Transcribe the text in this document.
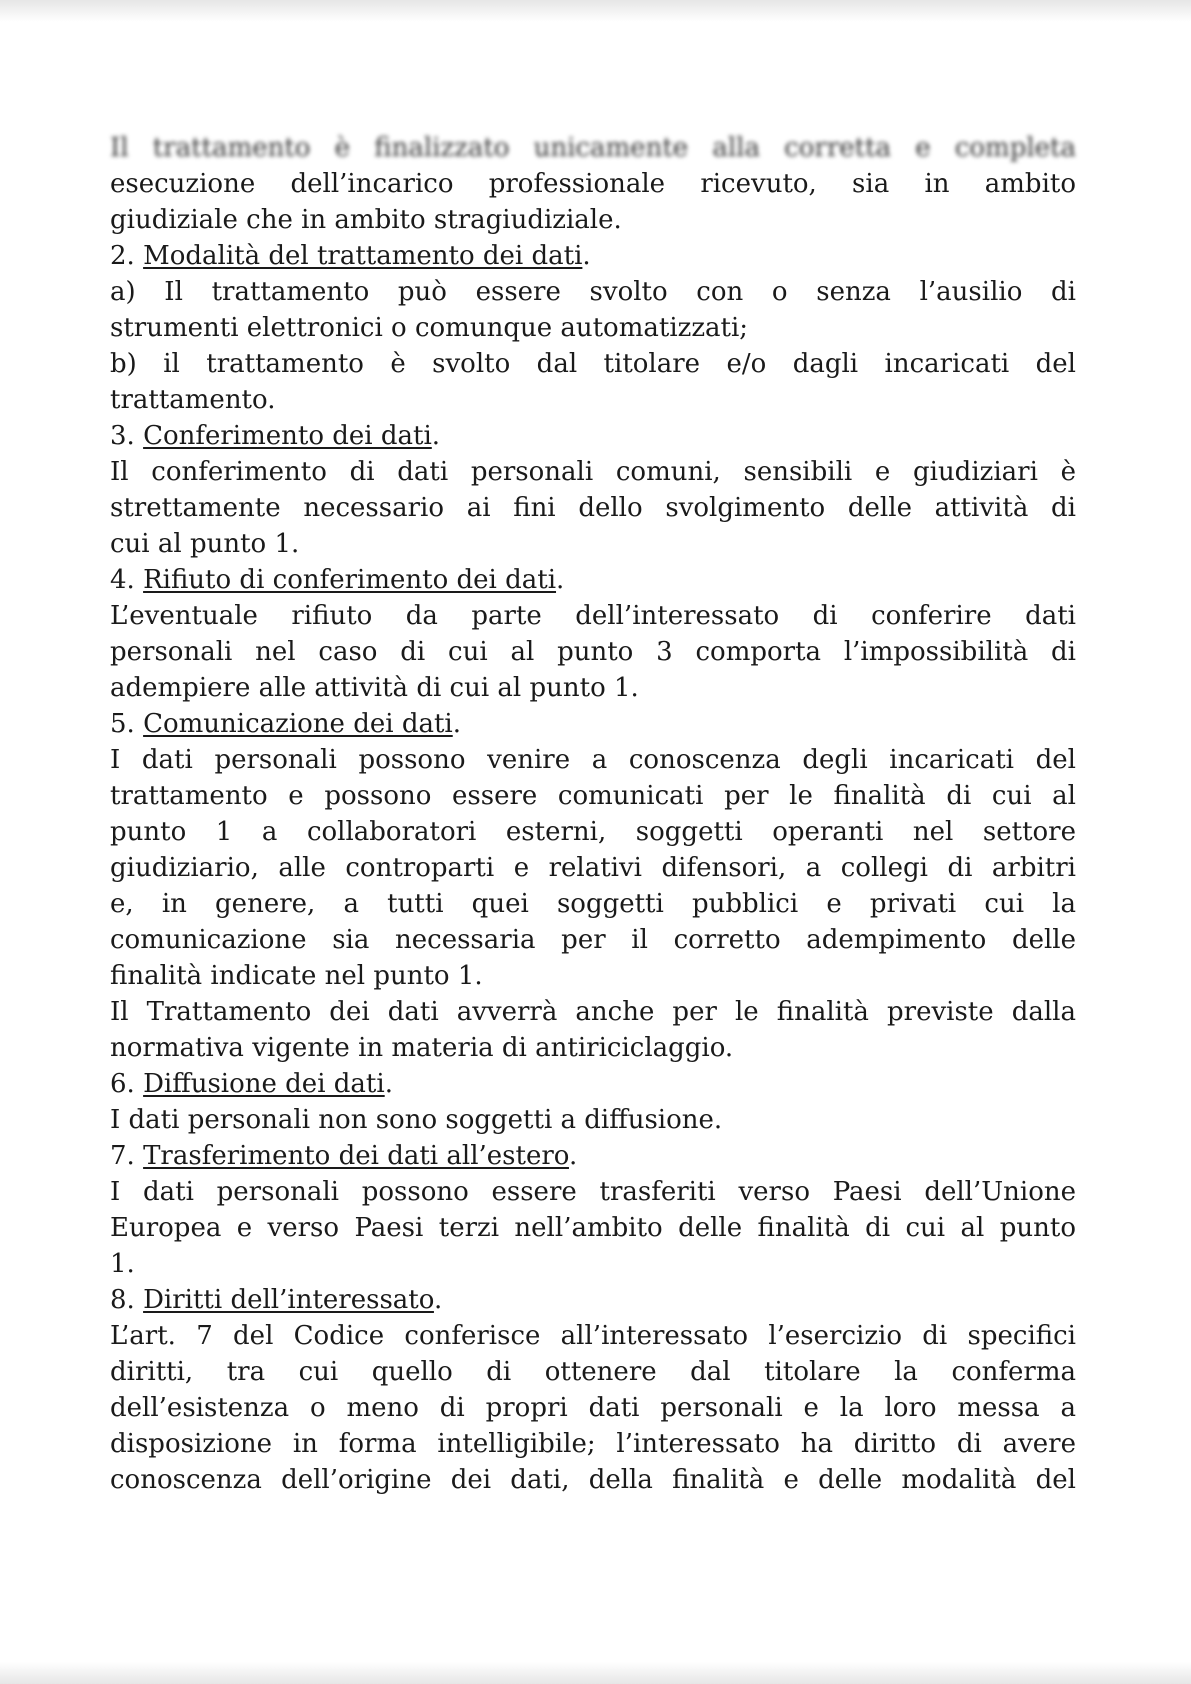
Il trattamento è finalizzato unicamente alla corretta e completa
esecuzione dell’incarico professionale ricevuto, sia in ambito
giudiziale che in ambito stragiudiziale.
2. Modalità del trattamento dei dati.
a) Il trattamento può essere svolto con o senza l’ausilio di
strumenti elettronici o comunque automatizzati;
b) il trattamento è svolto dal titolare e/o dagli incaricati del
trattamento.
3. Conferimento dei dati.
Il conferimento di dati personali comuni, sensibili e giudiziari è
strettamente necessario ai fini dello svolgimento delle attività di
cui al punto 1.
4. Rifiuto di conferimento dei dati.
L’eventuale rifiuto da parte dell’interessato di conferire dati
personali nel caso di cui al punto 3 comporta l’impossibilità di
adempiere alle attività di cui al punto 1.
5. Comunicazione dei dati.
I dati personali possono venire a conoscenza degli incaricati del
trattamento e possono essere comunicati per le finalità di cui al
punto 1 a collaboratori esterni, soggetti operanti nel settore
giudiziario, alle controparti e relativi difensori, a collegi di arbitri
e, in genere, a tutti quei soggetti pubblici e privati cui la
comunicazione sia necessaria per il corretto adempimento delle
finalità indicate nel punto 1.
Il Trattamento dei dati avverrà anche per le finalità previste dalla
normativa vigente in materia di antiriciclaggio.
6. Diffusione dei dati.
I dati personali non sono soggetti a diffusione.
7. Trasferimento dei dati all’estero.
I dati personali possono essere trasferiti verso Paesi dell’Unione
Europea e verso Paesi terzi nell’ambito delle finalità di cui al punto
1.
8. Diritti dell’interessato.
L’art. 7 del Codice conferisce all’interessato l’esercizio di specifici
diritti, tra cui quello di ottenere dal titolare la conferma
dell’esistenza o meno di propri dati personali e la loro messa a
disposizione in forma intelligibile; l’interessato ha diritto di avere
conoscenza dell’origine dei dati, della finalità e delle modalità del
